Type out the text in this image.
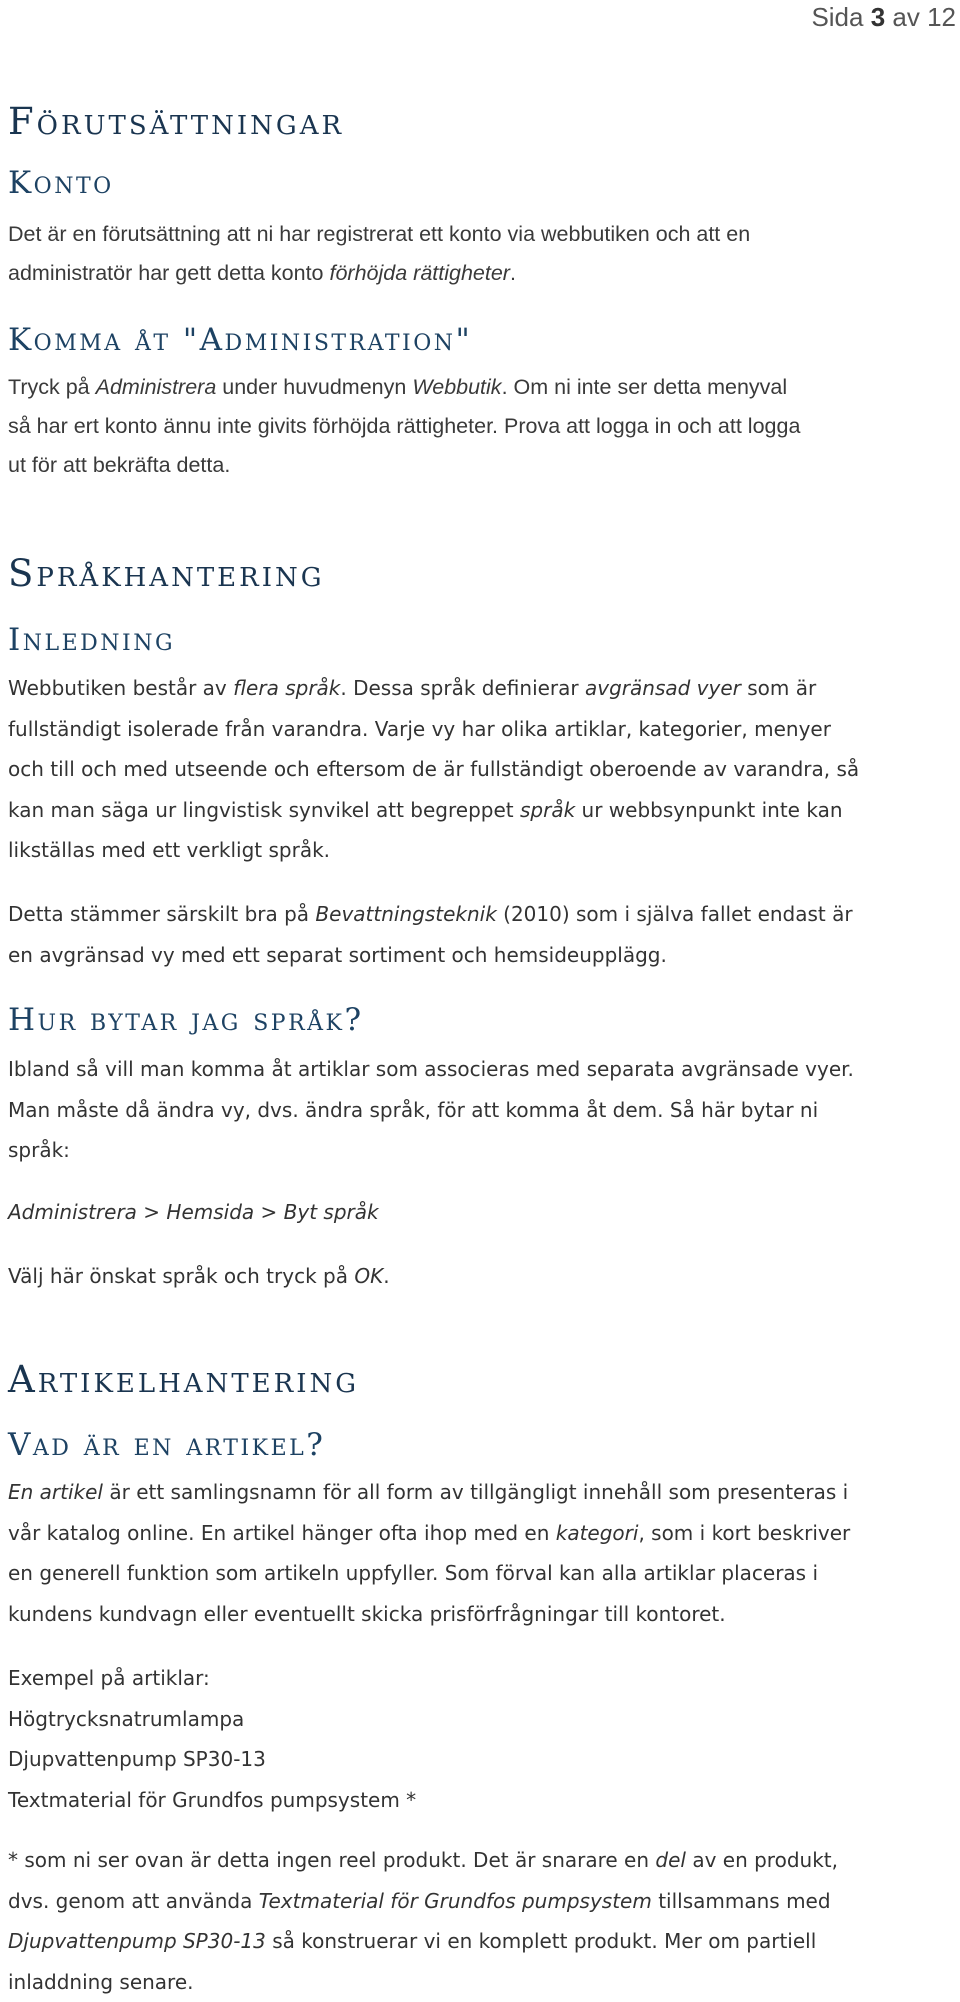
Sida 3 av 12
Förutsättningar
Konto

Det är en förutsättning att ni har registrerat ett konto via webbutiken och att en
administratör har gett detta konto förhöjda rättigheter.

Komma åt "Administration"

Tryck på Administrera under huvudmenyn Webbutik. Om ni inte ser detta menyval
så har ert konto ännu inte givits förhöjda rättigheter. Prova att logga in och att logga
ut för att bekräfta detta.

Språkhantering
Inledning

Webbutiken består av flera språk. Dessa språk definierar avgränsad vyer som är
fullständigt isolerade från varandra. Varje vy har olika artiklar, kategorier, menyer
och till och med utseende och eftersom de är fullständigt oberoende av varandra, så
kan man säga ur lingvistisk synvikel att begreppet språk ur webbsynpunkt inte kan
likställas med ett verkligt språk.

Detta stämmer särskilt bra på Bevattningsteknik (2010) som i själva fallet endast är
en avgränsad vy med ett separat sortiment och hemsideupplägg.

Hur bytar jag språk?

Ibland så vill man komma åt artiklar som associeras med separata avgränsade vyer.
Man måste då ändra vy, dvs. ändra språk, för att komma åt dem. Så här bytar ni
språk:

Administrera > Hemsida > Byt språk

Välj här önskat språk och tryck på OK.

Artikelhantering
Vad är en artikel?

En artikel är ett samlingsnamn för all form av tillgängligt innehåll som presenteras i
vår katalog online. En artikel hänger ofta ihop med en kategori, som i kort beskriver
en generell funktion som artikeln uppfyller. Som förval kan alla artiklar placeras i
kundens kundvagn eller eventuellt skicka prisförfrågningar till kontoret.

Exempel på artiklar:
Högtrycksnatrumlampa
Djupvattenpump SP30-13
Textmaterial för Grundfos pumpsystem *

* som ni ser ovan är detta ingen reel produkt. Det är snarare en del av en produkt,
dvs. genom att använda Textmaterial för Grundfos pumpsystem tillsammans med
Djupvattenpump SP30-13 så konstruerar vi en komplett produkt. Mer om partiell
inladdning senare.
